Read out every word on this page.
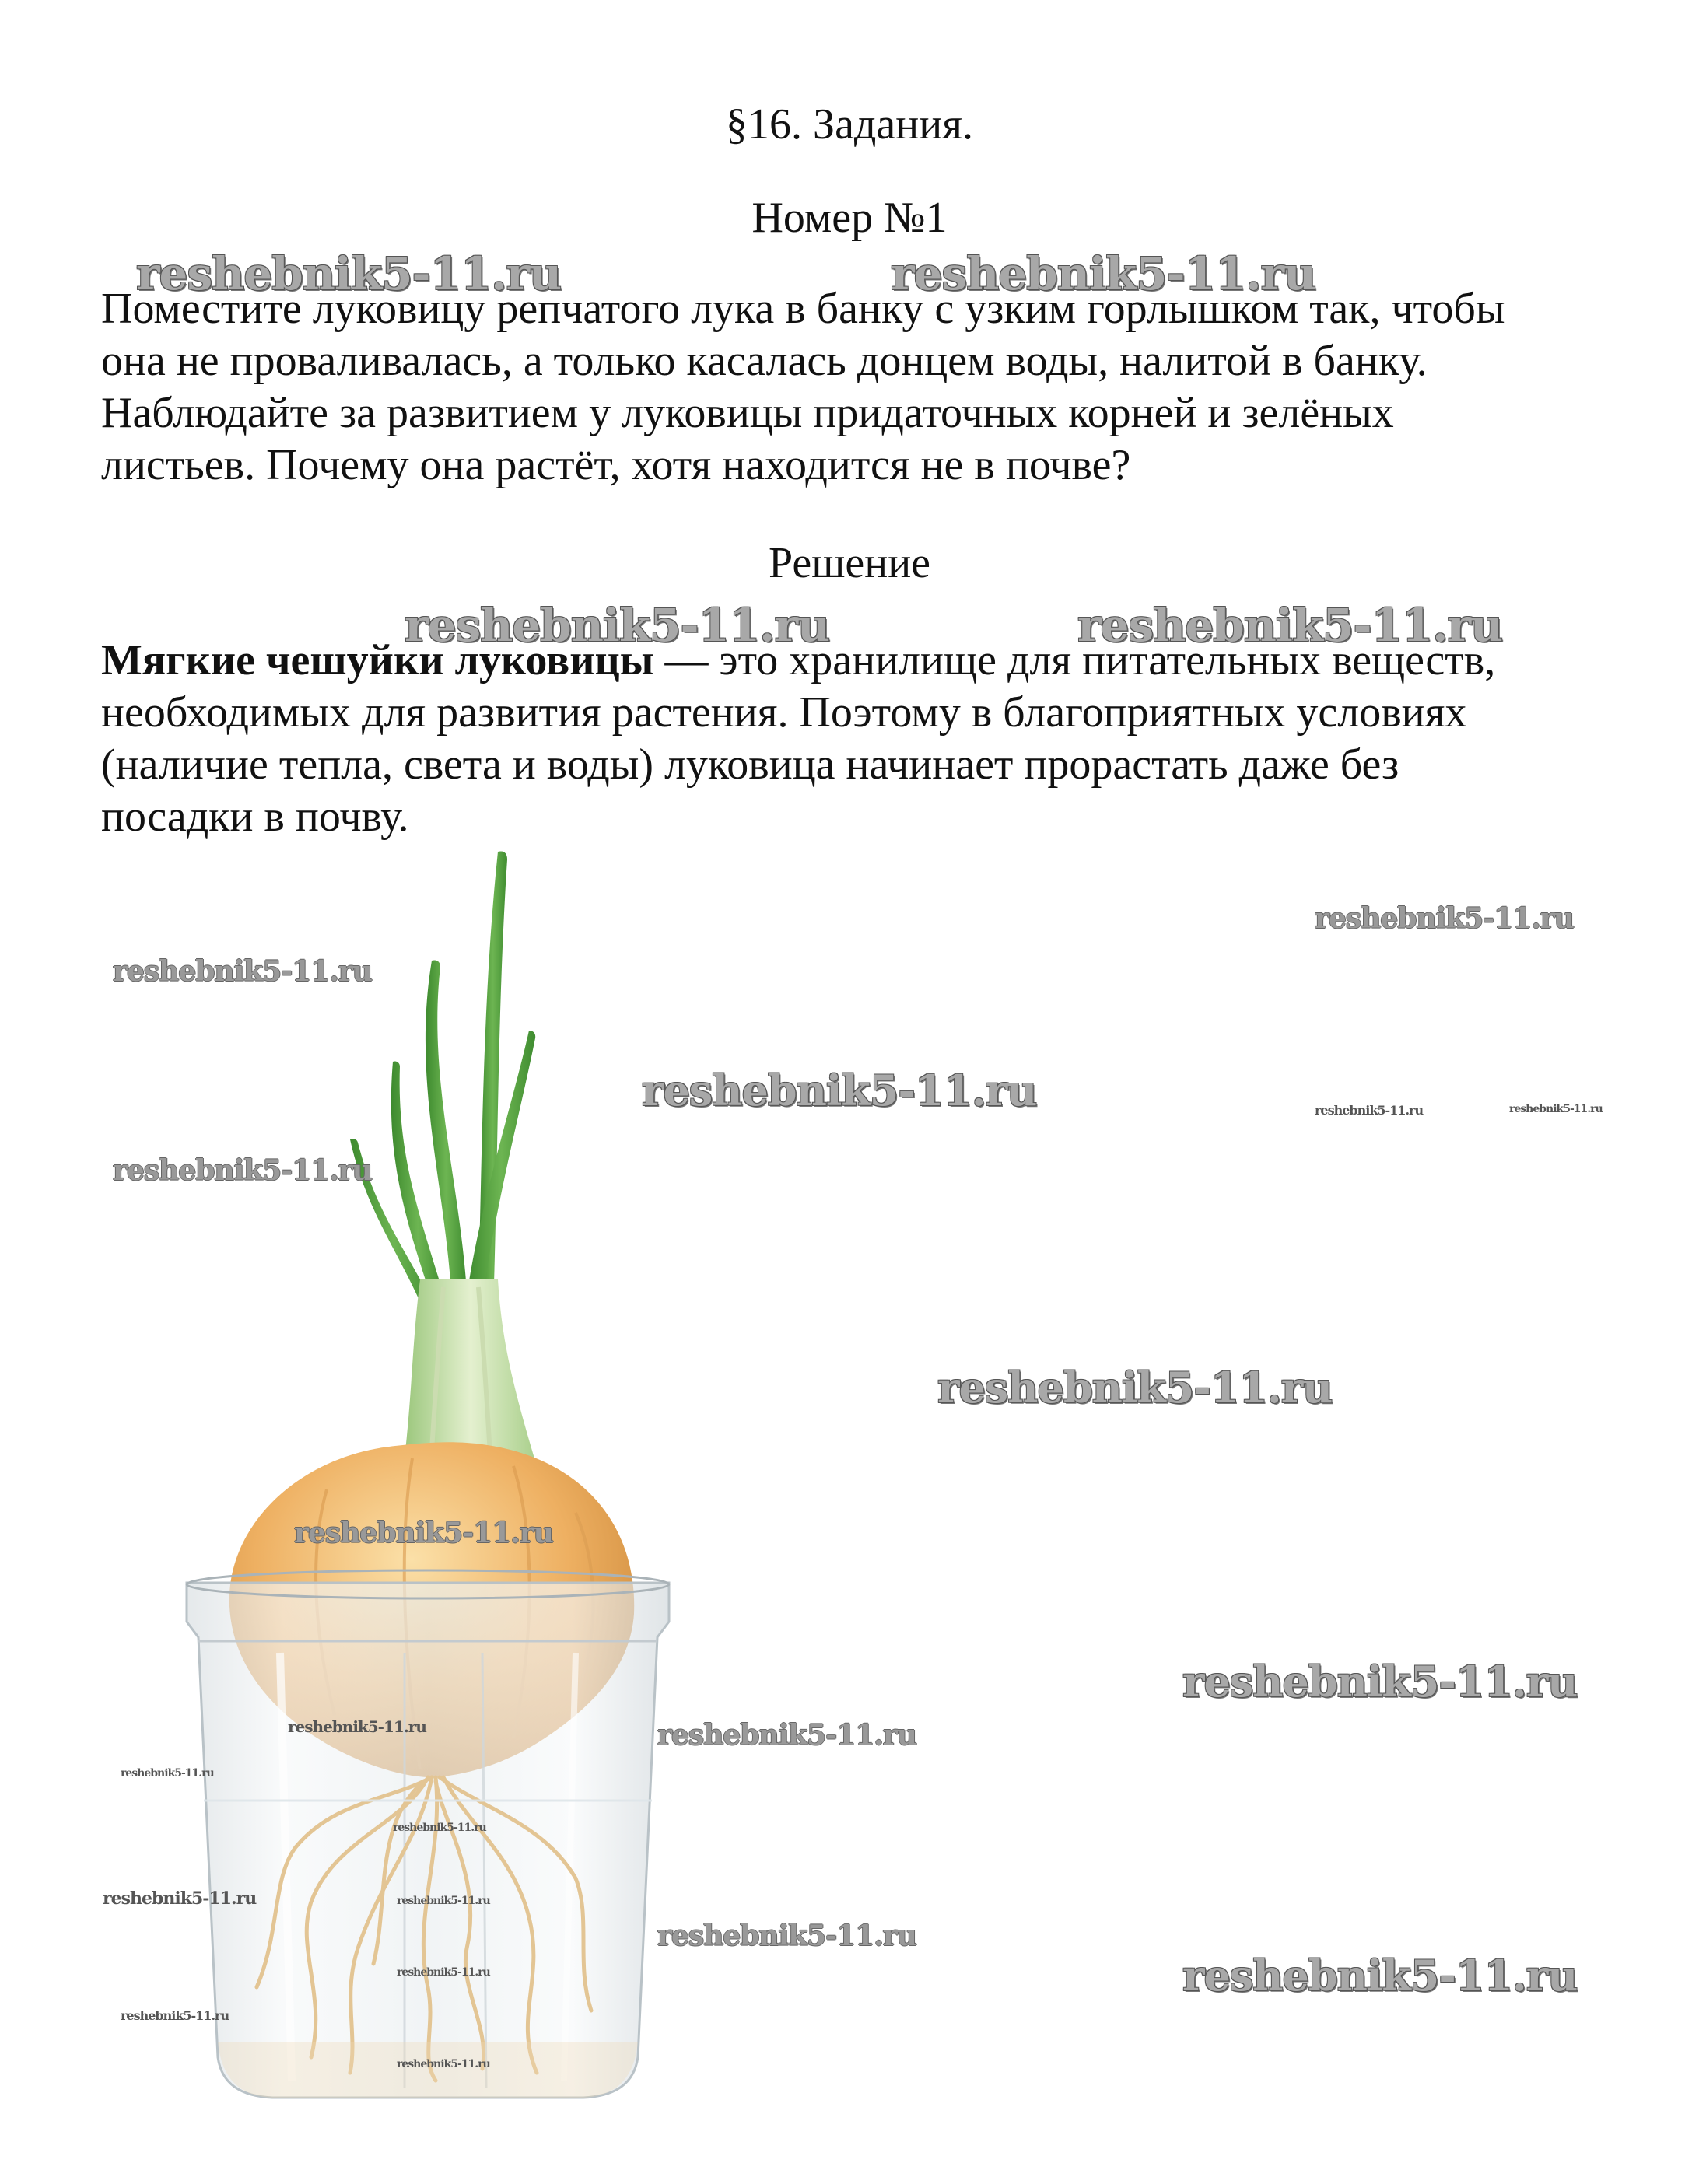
§16. Задания.
Номер №1
reshebnik5-11.ru	reshebnik5-11.ru

Поместите луковицу репчатого лука в банку с узким горлышком так, чтобы

она не проваливалась, а только касалась донцем воды, налитой в банку.

Наблюдайте за развитием у луковицы придаточных корней и зелёных

листьев. Почему она растёт, хотя находится не в почве?

Решение
reshebnik5-11.ru	reshebnik5-11.ru

Мягкие чешуйки луковицы — это хранилище для питательных веществ,

необходимых для развития растения. Поэтому в благоприятных условиях

(наличие тепла, света и воды) луковица начинает прорастать даже без

посадки в почву.

reshebnik5-11.ru
reshebnik5-11.ru
reshebnik5-11.ru	reshebnik5-11.ru	reshebnik5-11.ru
reshebnik5-11.ru
reshebnik5-11.ru
reshebnik5-11.ru
reshebnik5-11.ru
reshebnik5-11.ru	reshebnik5-11.ru
reshebnik5-11.ru
reshebnik5-11.ru
reshebnik5-11.ru	reshebnik5-11.ru
reshebnik5-11.ru
reshebnik5-11.ru
reshebnik5-11.ru
reshebnik5-11.ru
reshebnik5-11.ru
